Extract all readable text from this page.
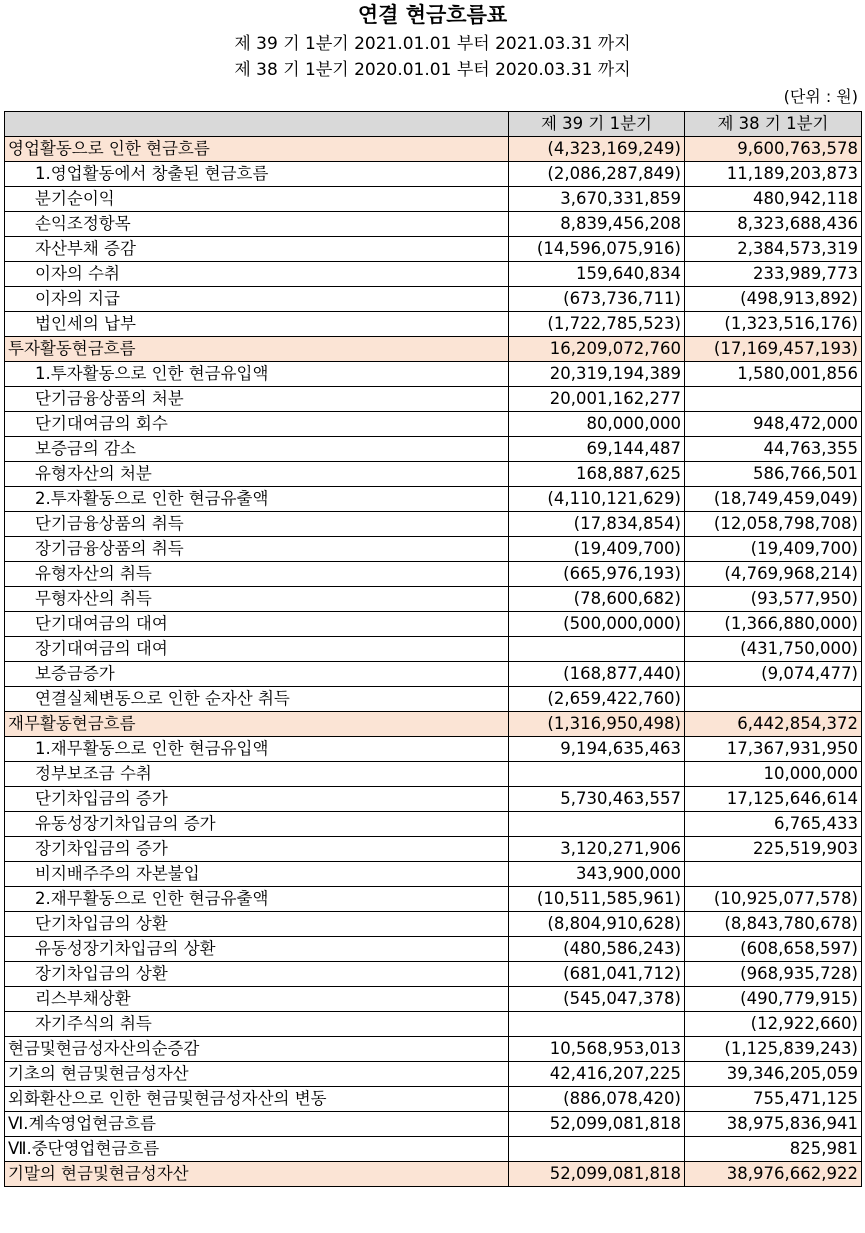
연결 현금흐름표
제 39 기 1분기 2021.01.01 부터 2021.03.31 까지
제 38 기 1분기 2020.01.01 부터 2020.03.31 까지
(단위 : 원)
	제 39 기 1분기	제 38 기 1분기
영업활동으로 인한 현금흐름	(4,323,169,249)	9,600,763,578
1.영업활동에서 창출된 현금흐름	(2,086,287,849)	11,189,203,873
분기순이익	3,670,331,859	480,942,118
손익조정항목	8,839,456,208	8,323,688,436
자산부채 증감	(14,596,075,916)	2,384,573,319
이자의 수취	159,640,834	233,989,773
이자의 지급	(673,736,711)	(498,913,892)
법인세의 납부	(1,722,785,523)	(1,323,516,176)
투자활동현금흐름	16,209,072,760	(17,169,457,193)
1.투자활동으로 인한 현금유입액	20,319,194,389	1,580,001,856
단기금융상품의 처분	20,001,162,277	
단기대여금의 회수	80,000,000	948,472,000
보증금의 감소	69,144,487	44,763,355
유형자산의 처분	168,887,625	586,766,501
2.투자활동으로 인한 현금유출액	(4,110,121,629)	(18,749,459,049)
단기금융상품의 취득	(17,834,854)	(12,058,798,708)
장기금융상품의 취득	(19,409,700)	(19,409,700)
유형자산의 취득	(665,976,193)	(4,769,968,214)
무형자산의 취득	(78,600,682)	(93,577,950)
단기대여금의 대여	(500,000,000)	(1,366,880,000)
장기대여금의 대여		(431,750,000)
보증금증가	(168,877,440)	(9,074,477)
연결실체변동으로 인한 순자산 취득	(2,659,422,760)	
재무활동현금흐름	(1,316,950,498)	6,442,854,372
1.재무활동으로 인한 현금유입액	9,194,635,463	17,367,931,950
정부보조금 수취		10,000,000
단기차입금의 증가	5,730,463,557	17,125,646,614
유동성장기차입금의 증가		6,765,433
장기차입금의 증가	3,120,271,906	225,519,903
비지배주주의 자본불입	343,900,000	
2.재무활동으로 인한 현금유출액	(10,511,585,961)	(10,925,077,578)
단기차입금의 상환	(8,804,910,628)	(8,843,780,678)
유동성장기차입금의 상환	(480,586,243)	(608,658,597)
장기차입금의 상환	(681,041,712)	(968,935,728)
리스부채상환	(545,047,378)	(490,779,915)
자기주식의 취득		(12,922,660)
현금및현금성자산의순증감	10,568,953,013	(1,125,839,243)
기초의 현금및현금성자산	42,416,207,225	39,346,205,059
외화환산으로 인한 현금및현금성자산의 변동	(886,078,420)	755,471,125
Ⅵ.계속영업현금흐름	52,099,081,818	38,975,836,941
Ⅶ.중단영업현금흐름		825,981
기말의 현금및현금성자산	52,099,081,818	38,976,662,922
